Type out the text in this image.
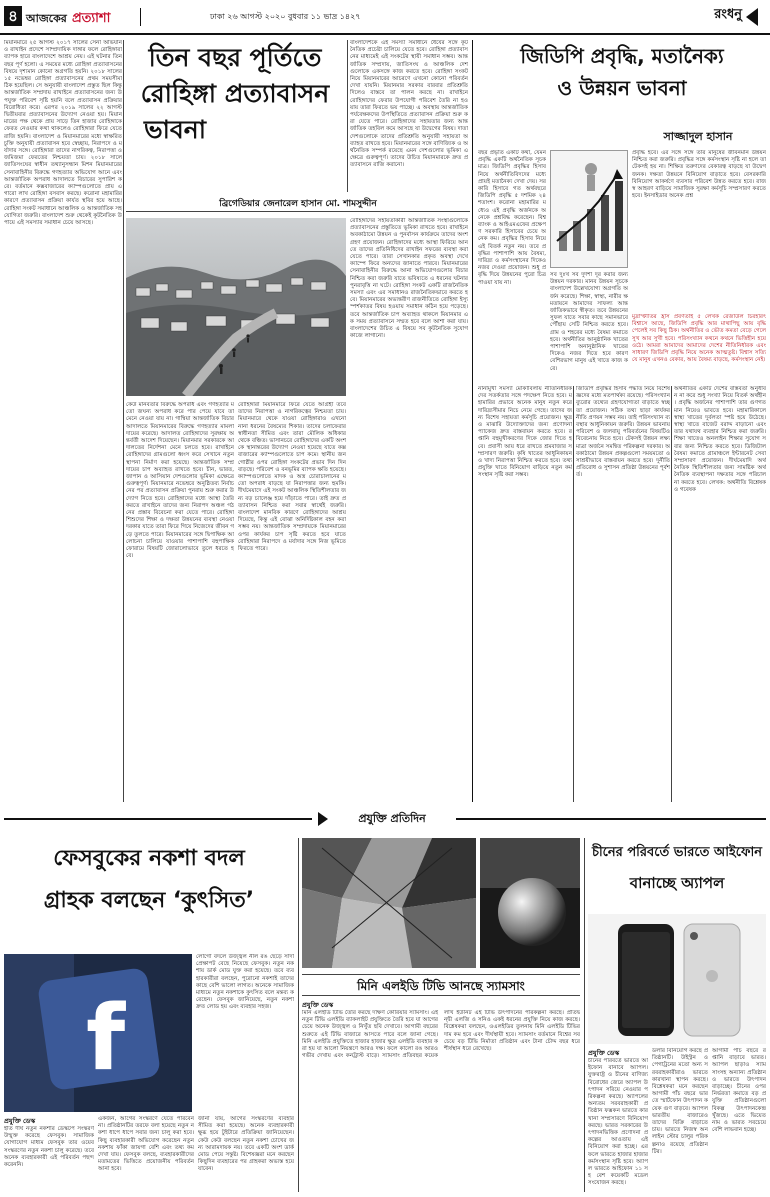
৪ আজকের প্রত্যাশা	ঢাকা ২৬ আগস্ট ২০২০ বুধবার ১১ ভাদ্র ১৪২৭	রংধনু
মিয়ানমারে ২৫ আগস্ট ২০১৭ সালের সেনা অভিযান ও রাখাইন প্রদেশে সাম্প্রদায়িক দাঙ্গার ফলে রোহিঙ্গারা ব্যাপক হারে বাংলাদেশে আশ্রয় নেয়। এই ঘটনার তিন বছর পূর্ণ হলো। এ সময়ের মধ্যে রোহিঙ্গা প্রত্যাবাসনের বিষয়ে দৃশ্যমান কোনো অগ্রগতি হয়নি। ২০১৮ সালের ১৫ নভেম্বর রোহিঙ্গা প্রত্যাবাসনের প্রথম সময়সীমা ঠিক হয়েছিল। সে অনুযায়ী বাংলাদেশ প্রস্তুত ছিল কিন্তু আন্তর্জাতিক সম্প্রদায় রাখাইনে প্রত্যাবাসনের জন্য উপযুক্ত পরিবেশ সৃষ্টি হয়নি বলে প্রত্যাবাসন প্রক্রিয়ার বিরোধিতা করে। এরপর ২০১৯ সালের ২২ আগস্ট দ্বিতীয়বার প্রত্যাবাসনের উদ্যোগ নেওয়া হয়। মিয়ানমারের পক্ষ থেকে প্রায় সাড়ে তিন হাজার রোহিঙ্গাকে ফেরত নেওয়ার কথা থাকলেও রোহিঙ্গারা ফিরে যেতে রাজি হয়নি। বাংলাদেশ ও মিয়ানমারের মধ্যে স্বাক্ষরিত চুক্তি অনুযায়ী প্রত্যাবাসন হবে স্বেচ্ছায়, নিরাপদে ও মর্যাদার সঙ্গে। রোহিঙ্গারা তাদের নাগরিকত্ব, নিরাপত্তা ও জমিজমা ফেরতের নিশ্চয়তা চায়। ২০১৮ সালে জাতিসংঘের স্বাধীন তথ্যানুসন্ধান মিশন মিয়ানমারের সেনাবাহিনীর বিরুদ্ধে গণহত্যার অভিযোগ আনে এবং আন্তর্জাতিক অপরাধ আদালতে বিচারের সুপারিশ করে। বর্তমানে কক্সবাজারের ক্যাম্পগুলোতে প্রায় এগারো লাখ রোহিঙ্গা বসবাস করছে। করোনা মহামারির কারণে প্রত্যাবাসন প্রক্রিয়া কার্যত স্থবির হয়ে আছে। রোহিঙ্গা সংকট সমাধানে আঞ্চলিক ও আন্তর্জাতিক সহযোগিতা জরুরি। বাংলাদেশ শুরু থেকেই কূটনৈতিক উপায়ে এই সমস্যার সমাধান চেয়ে আসছে।
তিন বছর পূর্তিতে
রোহিঙ্গা প্রত্যাবাসন
ভাবনা
ব্রিগেডিয়ার জেনারেল হাসান মো. শামসুদ্দীন
কেউ মানবতার বিরুদ্ধে অপরাধ এবং গণহত্যার মতো জঘন্য অপরাধ করে পার পেয়ে যাবে তা মেনে নেওয়া যায় না। গাম্বিয়া আন্তর্জাতিক বিচার আদালতে মিয়ানমারের বিরুদ্ধে গণহত্যার মামলা দায়ের করেছে। আদালত রোহিঙ্গাদের সুরক্ষায় অন্তর্বর্তী আদেশ দিয়েছেন। মিয়ানমার সরকারকে আদালতের নির্দেশনা মেনে চলতে হবে। রাখাইনে রোহিঙ্গাদের গ্রামগুলো ধ্বংস করে সেখানে নতুন স্থাপনা নির্মাণ করা হয়েছে। আন্তর্জাতিক সম্প্রদায়ের চাপ অব্যাহত রাখতে হবে। চীন, ভারত, জাপান ও আসিয়ান দেশগুলোর ভূমিকা এক্ষেত্রে গুরুত্বপূর্ণ। মিয়ানমারে নভেম্বরে অনুষ্ঠিতব্য নির্বাচনের পর প্রত্যাবাসন প্রক্রিয়া পুনরায় শুরু করার উদ্যোগ নিতে হবে। রোহিঙ্গাদের মধ্যে আস্থা তৈরি করতে রাখাইনে তাদের জন্য নিরাপদ অঞ্চল গঠনের প্রস্তাব বিবেচনা করা যেতে পারে। রোহিঙ্গা শিশুদের শিক্ষা ও দক্ষতা উন্নয়নের ব্যবস্থা নেওয়া দরকার যাতে তারা ফিরে গিয়ে নিজেদের জীবন গড়ে তুলতে পারে। মিয়ানমারের সঙ্গে দ্বিপাক্ষিক আলোচনা চালিয়ে যাওয়ার পাশাপাশি বহুপাক্ষিক ফোরামে বিষয়টি জোরালোভাবে তুলে ধরতে হবে।
রোহিঙ্গারা মিয়ানমারে ফিরে যেতে আগ্রহী তবে তাদের নিরাপত্তা ও নাগরিকত্বের নিশ্চয়তা চায়। মিয়ানমারে থেকে যাওয়া রোহিঙ্গারাও এখনো নানা ধরনের বৈষম্যের শিকার। তাদের চলাফেরার স্বাধীনতা সীমিত এবং তারা মৌলিক অধিকার থেকে বঞ্চিত। ভাসানচরে রোহিঙ্গাদের একটি অংশকে স্থানান্তরের উদ্যোগ নেওয়া হয়েছে যাতে কক্সবাজারের ক্যাম্পগুলোতে চাপ কমে। স্থানীয় জনগোষ্ঠীর ওপর রোহিঙ্গা সংকটের প্রভাব দিন দিন বাড়ছে। পরিবেশ ও বনভূমির ব্যাপক ক্ষতি হয়েছে। ক্যাম্পগুলোতে মাদক ও অস্ত্র চোরাচালানের মতো অপরাধ বাড়ছে যা নিরাপত্তার জন্য হুমকি। দীর্ঘমেয়াদে এই সংকট আঞ্চলিক স্থিতিশীলতার জন্য বড় চ্যালেঞ্জ হয়ে দাঁড়াতে পারে। তাই দ্রুত প্রত্যাবাসন নিশ্চিত করা সবার স্বার্থেই জরুরি। বাংলাদেশ মানবিক কারণে রোহিঙ্গাদের আশ্রয় দিয়েছে, কিন্তু এই বোঝা অনির্দিষ্টকাল বহন করা সম্ভব নয়। আন্তর্জাতিক সম্প্রদায়কে মিয়ানমারের ওপর কার্যকর চাপ সৃষ্টি করতে হবে যাতে রোহিঙ্গারা নিরাপদে ও মর্যাদার সঙ্গে নিজ ভূমিতে ফিরতে পারে।
বাংলাদেশকে এই সমস্যা সমাধানে ধৈর্যের সঙ্গে কূটনৈতিক প্রচেষ্টা চালিয়ে যেতে হবে। রোহিঙ্গা প্রত্যাবাসনের মাধ্যমেই এই সংকটের স্থায়ী সমাধান সম্ভব। আন্তর্জাতিক সম্প্রদায়, জাতিসংঘ ও আঞ্চলিক দেশগুলোকে একসঙ্গে কাজ করতে হবে। রোহিঙ্গা সংকট নিয়ে মিয়ানমারের আচরণে এখনো কোনো পরিবর্তন দেখা যায়নি। মিয়ানমার সরকার বারবার প্রতিশ্রুতি দিলেও বাস্তবে তা পালন করছে না। রাখাইনে রোহিঙ্গাদের ফেরার উপযোগী পরিবেশ তৈরি না হওয়ায় তারা ফিরতে ভয় পাচ্ছে। এ অবস্থায় আন্তর্জাতিক পর্যবেক্ষকদের উপস্থিতিতে প্রত্যাবাসন প্রক্রিয়া শুরু করা যেতে পারে। রোহিঙ্গাদের সহায়তার জন্য আন্তর্জাতিক তহবিল কমে আসছে যা উদ্বেগের বিষয়। দাতা দেশগুলোকে তাদের প্রতিশ্রুতি অনুযায়ী সহায়তা অব্যাহত রাখতে হবে। মিয়ানমারের সঙ্গে বাণিজ্যিক ও অর্থনৈতিক সম্পর্ক রয়েছে এমন দেশগুলোর ভূমিকা এক্ষেত্রে গুরুত্বপূর্ণ। তাদের উচিত মিয়ানমারকে দ্রুত প্রত্যাবাসনে রাজি করানো।
রোহিঙ্গাদের সহায়তাকারী আন্তর্জাতিক সংস্থাগুলোকে প্রত্যাবাসনের প্রস্তুতিতে ভূমিকা রাখতে হবে। রাখাইনে অবকাঠামো উন্নয়ন ও পুনর্বাসন কার্যক্রমে তাদের অংশগ্রহণ প্রয়োজন। রোহিঙ্গাদের মধ্যে আস্থা ফিরিয়ে আনতে তাদের প্রতিনিধিদের রাখাইন সফরের ব্যবস্থা করা যেতে পারে। তারা সেখানকার প্রকৃত অবস্থা দেখে ক্যাম্পে ফিরে অন্যদের জানাতে পারবে। মিয়ানমারের সেনাবাহিনীর বিরুদ্ধে আনা অভিযোগগুলোর বিচার নিশ্চিত করা জরুরি যাতে ভবিষ্যতে এ ধরনের ঘটনার পুনরাবৃত্তি না ঘটে। রোহিঙ্গা সংকট একটি রাজনৈতিক সমস্যা এবং এর সমাধানও রাজনৈতিকভাবে করতে হবে। মিয়ানমারের অভ্যন্তরীণ রাজনীতিতে রোহিঙ্গা ইস্যু স্পর্শকাতর বিষয় হওয়ায় সমাধান কঠিন হয়ে পড়েছে। তবে আন্তর্জাতিক চাপ অব্যাহত থাকলে মিয়ানমার এক সময় প্রত্যাবাসনে সম্মত হবে বলে আশা করা যায়। বাংলাদেশের উচিত এ বিষয়ে সব কূটনৈতিক সুযোগ কাজে লাগানো।
জিডিপি প্রবৃদ্ধি, মতানৈক্য
ও উন্নয়ন ভাবনা
সাজ্জাদুল হাসান
বছর প্রভৃতি একটি কথা, যেমন প্রবৃদ্ধি একটি অর্থনৈতিক সূচক মাত্র। জিডিপি প্রবৃদ্ধির হিসাব নিয়ে অর্থনীতিবিদদের মধ্যে প্রায়ই মতানৈক্য দেখা দেয়। সরকারি হিসাবে গত অর্থবছরে জিডিপি প্রবৃদ্ধি ৫ দশমিক ২৪ শতাংশ। করোনা মহামারির মধ্যেও এই প্রবৃদ্ধি অর্জনকে অনেকে প্রশ্নবিদ্ধ করেছেন। বিশ্বব্যাংক ও আইএমএফের প্রক্ষেপণ সরকারি হিসাবের চেয়ে অনেক কম। প্রবৃদ্ধির হিসাব নিয়ে এই বিতর্ক নতুন নয়। তবে প্রবৃদ্ধির পাশাপাশি আয় বৈষম্য, দারিদ্র্য ও কর্মসংস্থানের দিকেও নজর দেওয়া প্রয়োজন। শুধু প্রবৃদ্ধি দিয়ে উন্নয়নের পুরো চিত্র পাওয়া যায় না।
সব দুঃখ সব দুর্দশা দূর করার জন্য উন্নয়ন দরকার। মানব উন্নয়ন সূচকে বাংলাদেশ উল্লেখযোগ্য অগ্রগতি অর্জন করেছে। শিক্ষা, স্বাস্থ্য, নারীর ক্ষমতায়নে আমাদের সাফল্য আন্তর্জাতিকভাবে স্বীকৃত। তবে উন্নয়নের সুফল যাতে সবার কাছে সমানভাবে পৌঁছায় সেটি নিশ্চিত করতে হবে। গ্রাম ও শহরের মধ্যে বৈষম্য কমাতে হবে। অর্থনীতির আনুষ্ঠানিক খাতের পাশাপাশি অনানুষ্ঠানিক খাতের দিকেও নজর দিতে হবে কারণ বেশিরভাগ মানুষ এই খাতে কাজ করে।
প্রবৃদ্ধি হবে। এর সঙ্গে সঙ্গে তার মানুষের জীবনমান উন্নয়ন নিশ্চিত করা জরুরি। প্রবৃদ্ধির সঙ্গে কর্মসংস্থান সৃষ্টি না হলে তা টেকসই হয় না। শিক্ষিত তরুণদের বেকারত্ব বাড়ছে যা উদ্বেগজনক। দক্ষতা উন্নয়নে বিনিয়োগ বাড়াতে হবে। বেসরকারি বিনিয়োগ আকর্ষণে ব্যবসার পরিবেশ উন্নত করতে হবে। রাজস্ব আহরণ বাড়িয়ে সামাজিক সুরক্ষা কর্মসূচি সম্প্রসারণ করতে হবে। ইনসাইডার অনেক প্রশ্ন
মুদ্রাস্ফীতির হ্রাস প্রবণতাই ৫ লেখক রেজাউল চিরহরিৎ বিশ্বাসে আছে, জিডিপি প্রবৃদ্ধি আর মাথাপিছু আয় বৃদ্ধি পেলেই সব কিছু ঠিক। অর্থনীতির ও ভৌত কমতা বেড়ে গেলে সুখ আর সুখী হবে। পরিসংখ্যান কথনে কথনে ভিত্তিহীন হয়ে ওঠে। আমরা আমাদের আমাদের দেশের নীতিনির্ধারক এবং সাধারণ জিডিপি প্রবৃদ্ধি নিয়ে অনেক আত্মতুষ্ট। বিশ্বাস সত্যি যে মানুষ এখনও বেকার, আয় বৈষম্য বাড়ছে, কর্মসংস্থান নেই।
নানামুখী সমস্যা মোকাবিলায় নীতিনির্ধারকদের সতর্কতার সঙ্গে পদক্ষেপ নিতে হবে। মহামারির প্রভাবে অনেক মানুষ নতুন করে দারিদ্র্যসীমার নিচে নেমে গেছে। তাদের জন্য বিশেষ সহায়তা কর্মসূচি প্রয়োজন। ক্ষুদ্র ও মাঝারি উদ্যোক্তাদের জন্য প্রণোদনা প্যাকেজ দ্রুত বাস্তবায়ন করতে হবে। রপ্তানি বহুমুখীকরণের দিকে জোর দিতে হবে। প্রবাসী আয় ধরে রাখতে শ্রমবাজার সম্প্রসারণ জরুরি। কৃষি খাতের আধুনিকায়ন ও খাদ্য নিরাপত্তা নিশ্চিত করতে হবে। তথ্যপ্রযুক্তি খাতে বিনিয়োগ বাড়িয়ে নতুন কর্মসংস্থান সৃষ্টি করা সম্ভব।
জিডিপি প্রবৃদ্ধির হিসাব পদ্ধতি নিয়ে বিশেষজ্ঞদের মধ্যে মতপার্থক্য রয়েছে। পরিসংখ্যান ব্যুরোর তথ্যের গ্রহণযোগ্যতা বাড়াতে স্বচ্ছতা প্রয়োজন। সঠিক তথ্য ছাড়া কার্যকর নীতি প্রণয়ন সম্ভব নয়। তাই পরিসংখ্যান ব্যবস্থার আধুনিকায়ন জরুরি। উন্নয়ন ভাবনায় পরিবেশ ও জলবায়ু পরিবর্তনের বিষয়টিও বিবেচনায় নিতে হবে। টেকসই উন্নয়ন লক্ষ্যমাত্রা অর্জনে সমন্বিত পরিকল্পনা দরকার। অবকাঠামো উন্নয়ন প্রকল্পগুলো সময়মতো ও সাশ্রয়ীভাবে বাস্তবায়ন করতে হবে। দুর্নীতি প্রতিরোধ ও সুশাসন প্রতিষ্ঠা উন্নয়নের পূর্বশর্ত।
অর্থনীতির একটি দেশের বাস্তবতা অনুধাবন না করে শুধু সংখ্যা নিয়ে বিতর্ক অর্থহীন। প্রবৃদ্ধি অর্জনের পাশাপাশি তার গুণগত মান নিয়েও ভাবতে হবে। মহামারিকালে স্বাস্থ্য খাতের দুর্বলতা স্পষ্ট হয়ে উঠেছে। স্বাস্থ্য খাতে বাজেট বরাদ্দ বাড়ানো এবং তার যথাযথ ব্যবহার নিশ্চিত করা জরুরি। শিক্ষা খাতেও অনলাইন শিক্ষার সুযোগ সবার জন্য নিশ্চিত করতে হবে। ডিজিটাল বৈষম্য কমাতে গ্রামাঞ্চলে ইন্টারনেট সেবা সম্প্রসারণ প্রয়োজন। দীর্ঘমেয়াদি অর্থনৈতিক স্থিতিশীলতার জন্য সামষ্টিক অর্থনৈতিক ব্যবস্থাপনা দক্ষতার সঙ্গে পরিচালনা করতে হবে। লেখক: অর্থনীতি বিশ্লেষক ও গবেষক
প্রযুক্তি প্রতিদিন
ফেসবুকের নকশা বদল
গ্রাহক বলছেন ‘কুৎসিত’
f
প্রযুক্তি ডেস্ক
ইতি দীর্ঘ নতুন নকশার ডেস্কটপ সংস্করণ উন্মুক্ত করেছে ফেসবুক। সামাজিক যোগাযোগ মাধ্যম ফেসবুক তার ওয়েব সংস্করণের নতুন নকশা চালু করেছে। তবে অনেক ব্যবহারকারী এই পরিবর্তন পছন্দ করেননি।
লোগো বদলে উজ্জ্বল নীল রঙ ছেড়ে সাদা প্রেক্ষাপট বেছে নিয়েছে ফেসবুক। নতুন নকশায় ডার্ক মোড যুক্ত করা হয়েছে। তবে ব্যবহারকারীরা বলছেন, পুরোনো নকশাই তাদের কাছে বেশি ভালো লাগত। অনেকে সামাজিক মাধ্যমে নতুন নকশাকে কুৎসিত বলে মন্তব্য করেছেন। ফেসবুক জানিয়েছে, নতুন নকশা দ্রুত লোড হয় এবং ব্যবহার সহজ।
একজন, আগের সংস্করণে যেতে পারবেন না। প্রতিষ্ঠানটির তরফে বলা হয়েছে নতুন নকশা ধাপে ধাপে সবার জন্য চালু করা হবে। কিছু ব্যবহারকারী অভিযোগ করেছেন নতুন নকশায় ফাঁকা জায়গা বেশি এবং তথ্য কম দেখা যায়। ফেসবুক বলছে, ব্যবহারকারীদের মতামতের ভিত্তিতে প্রয়োজনীয় পরিবর্তন আনা হবে।
জানা যায়, আগের সংস্করণের ব্যবহার সীমিত করা হয়েছে। অনেক ব্যবহারকারী ক্ষুব্ধ হয়ে টুইটারে প্রতিক্রিয়া জানিয়েছেন। কেউ কেউ বলছেন নতুন নকশা চোখের জন্য আরামদায়ক নয়। তবে একটি অংশ ডার্ক মোড পেয়ে সন্তুষ্ট। বিশেষজ্ঞরা মনে করছেন কিছুদিন ব্যবহারের পর গ্রাহকরা অভ্যস্ত হয়ে যাবেন।
মিনি এলইডি টিভি আনছে স্যামসাং
প্রযুক্তি ডেস্ক
মিনি এলইডি টিভি তৈরি করছে দক্ষিণ কোরিয়ার স্যামসাং। এই নতুন টিভি এলইডি ব্যাকলাইট প্রযুক্তিতে তৈরি হবে যা আগের চেয়ে অনেক উজ্জ্বল ও নিখুঁত ছবি দেখাবে। আগামী বছরের শুরুতে এই টিভি বাজারে আসতে পারে বলে জানা গেছে। মিনি এলইডি প্রযুক্তিতে হাজার হাজার ক্ষুদ্র এলইডি ব্যবহার করা হয় যা আলো নিয়ন্ত্রণে আরও দক্ষ। ফলে কালো রঙ আরও গভীর দেখায় এবং কনট্রাস্ট বাড়ে। স্যামসাং প্রতিবছর কয়েক লাখ ইউনিট এই টিভি উৎপাদনের পরিকল্পনা করছে। প্রতিদ্বন্দ্বী এলজি ও সনিও একই ধরনের প্রযুক্তি নিয়ে কাজ করছে। বিশ্লেষকরা বলছেন, ওএলইডির তুলনায় মিনি এলইডি টিভির দাম কম হবে এবং দীর্ঘস্থায়ী হবে। স্যামসাং বর্তমানে বিশ্বের সবচেয়ে বড় টিভি নির্মাতা প্রতিষ্ঠান এবং টানা চৌদ্দ বছর ধরে শীর্ষস্থান ধরে রেখেছে।
চীনের পরিবর্তে ভারতে আইফোন
বানাচ্ছে অ্যাপল
প্রযুক্তি ডেস্ক
চীনের পরিবর্তে ভারতে আইফোন বানাবে অ্যাপল। যুক্তরাষ্ট্র ও চীনের বাণিজ্য বিরোধের জেরে অ্যাপল উৎপাদন সরিয়ে নেওয়ার পরিকল্পনা করছে। অ্যাপলের অন্যতম সরবরাহকারী প্রতিষ্ঠান ফক্সকন ভারতে কারখানা সম্প্রসারণে বিনিয়োগ করছে। ভারত সরকারের উৎপাদনভিত্তিক প্রণোদনা প্রকল্পের আওতায় এই বিনিয়োগ করা হচ্ছে। এর ফলে ভারতে হাজার হাজার কর্মসংস্থান সৃষ্টি হবে। অ্যাপল ভারতে আইফোন ১১ সহ বেশ কয়েকটি মডেল সংযোজন করছে।
ডলার বিনিয়োগ করছে প্রতিষ্ঠানটি। উইস্ট্রন ও পেগাট্রনের মতো অন্য সরবরাহকারীরাও ভারতে কারখানা স্থাপন করছে। বিশ্লেষকরা মনে করছেন আগামী পাঁচ বছরে ভারতে স্মার্টফোন উৎপাদন কয়েক গুণ বাড়বে। অ্যাপল ভারতীয় বাজারেও তাদের বিক্রি বাড়াতে চায়। ভারতে নিজস্ব অনলাইন স্টোর চালুর পরিকল্পনাও রয়েছে প্রতিষ্ঠানটির।
আগামী পাঁচ বছরে রপ্তানি বাড়াবে ভারত। অ্যাপল ছাড়াও স্যামসাংসহ অন্যান্য প্রতিষ্ঠানও ভারতে উৎপাদন বাড়াচ্ছে। চীনের ওপর নির্ভরতা কমাতে বড় প্রযুক্তি প্রতিষ্ঠানগুলো বিকল্প উৎপাদনকেন্দ্র খুঁজছে। এতে ভিয়েতনাম ও ভারত সবচেয়ে বেশি লাভবান হচ্ছে।
